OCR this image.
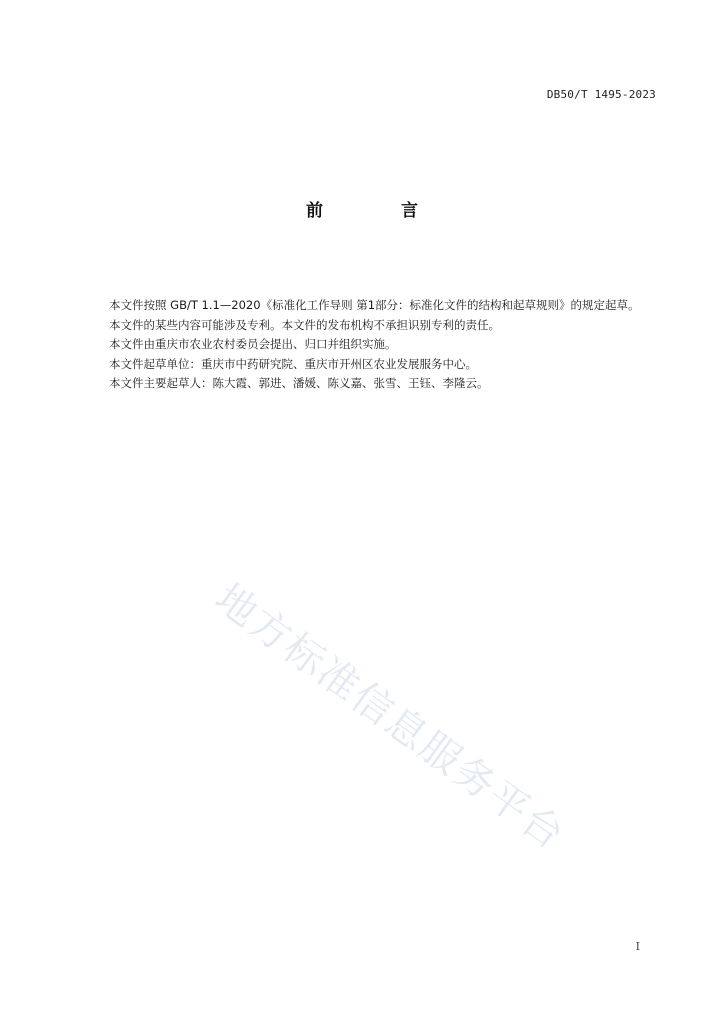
DB50/T 1495-2023
前 言

本文件按照 GB/T 1.1—2020《标准化工作导则 第1部分：标准化文件的结构和起草规则》的规定起草。

本文件的某些内容可能涉及专利。本文件的发布机构不承担识别专利的责任。

本文件由重庆市农业农村委员会提出、归口并组织实施。

本文件起草单位：重庆市中药研究院、重庆市开州区农业发展服务中心。

本文件主要起草人：陈大霞、郭进、潘媛、陈义嘉、张雪、王钰、李隆云。

地方标准信息服务平台
I
